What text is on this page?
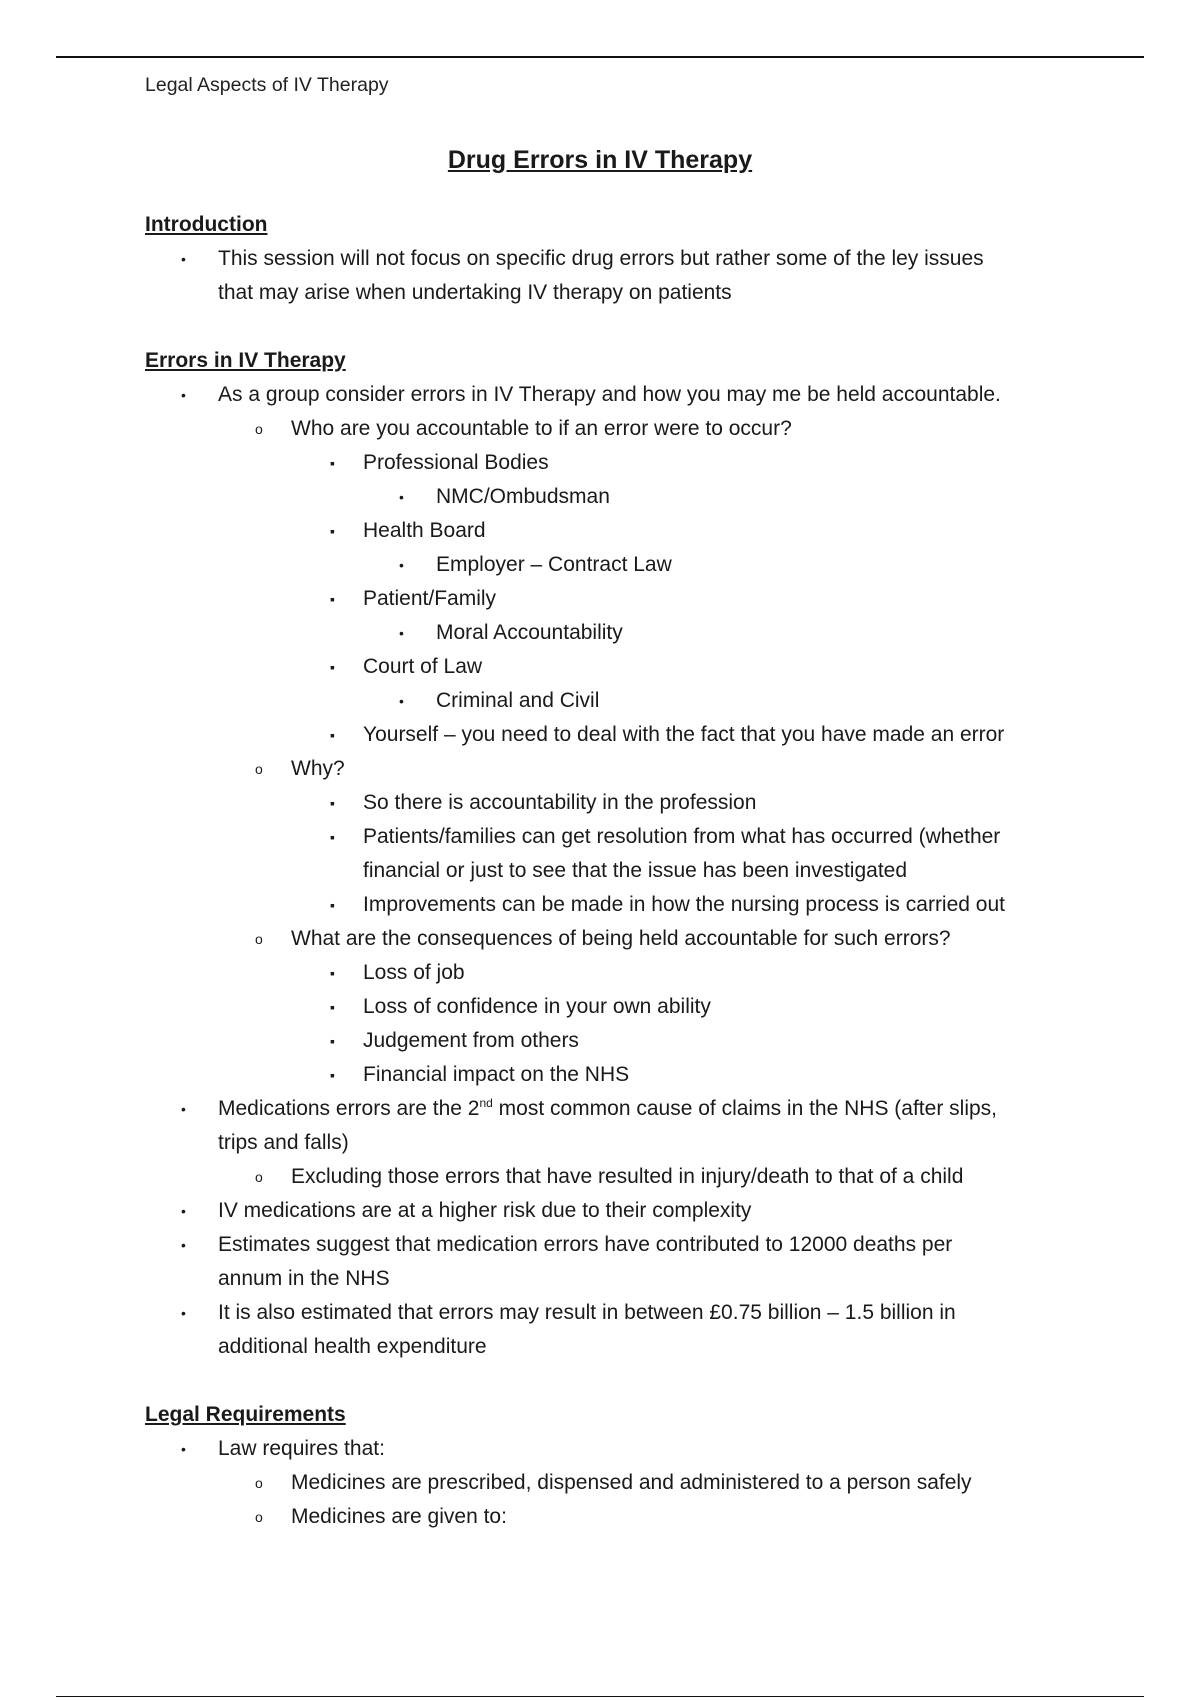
Legal Aspects of IV Therapy
Drug Errors in IV Therapy
Introduction
• This session will not focus on specific drug errors but rather some of the ley issues
that may arise when undertaking IV therapy on patients
Errors in IV Therapy
• As a group consider errors in IV Therapy and how you may me be held accountable.
o Who are you accountable to if an error were to occur?
▪ Professional Bodies
• NMC/Ombudsman
▪ Health Board
• Employer – Contract Law
▪ Patient/Family
• Moral Accountability
▪ Court of Law
• Criminal and Civil
▪ Yourself – you need to deal with the fact that you have made an error
o Why?
▪ So there is accountability in the profession
▪ Patients/families can get resolution from what has occurred (whether
financial or just to see that the issue has been investigated
▪ Improvements can be made in how the nursing process is carried out
o What are the consequences of being held accountable for such errors?
▪ Loss of job
▪ Loss of confidence in your own ability
▪ Judgement from others
▪ Financial impact on the NHS
• Medications errors are the 2nd most common cause of claims in the NHS (after slips,
trips and falls)
o Excluding those errors that have resulted in injury/death to that of a child
• IV medications are at a higher risk due to their complexity
• Estimates suggest that medication errors have contributed to 12000 deaths per
annum in the NHS
• It is also estimated that errors may result in between £0.75 billion – 1.5 billion in
additional health expenditure
Legal Requirements
• Law requires that:
o Medicines are prescribed, dispensed and administered to a person safely
o Medicines are given to:
